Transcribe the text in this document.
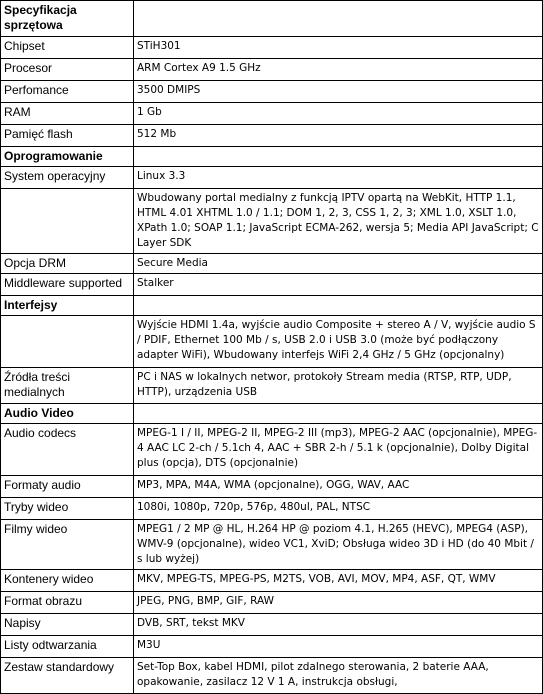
Specyfikacja sprzętowa	
Chipset	STiH301
Procesor	ARM Cortex A9 1.5 GHz
Perfomance	3500 DMIPS
RAM	1 Gb
Pamięć flash	512 Mb
Oprogramowanie	
System operacyjny	Linux 3.3
	Wbudowany portal medialny z funkcją IPTV opartą na WebKit, HTTP 1.1, HTML 4.01 XHTML 1.0 / 1.1; DOM 1, 2, 3, CSS 1, 2, 3; XML 1.0, XSLT 1.0, XPath 1.0; SOAP 1.1; JavaScript ECMA-262, wersja 5; Media API JavaScript; C Layer SDK
Opcja DRM	Secure Media
Middleware supported	Stalker
Interfejsy	
	Wyjście HDMI 1.4a, wyjście audio Composite + stereo A / V, wyjście audio S / PDIF, Ethernet 100 Mb / s, USB 2.0 i USB 3.0 (może być podłączony adapter WiFi), Wbudowany interfejs WiFi 2,4 GHz / 5 GHz (opcjonalny)
Źródła treści medialnych	PC i NAS w lokalnych networ, protokoły Stream media (RTSP, RTP, UDP, HTTP), urządzenia USB
Audio Video	
Audio codecs	MPEG-1 I / II, MPEG-2 II, MPEG-2 III (mp3), MPEG-2 AAC (opcjonalnie), MPEG-4 AAC LC 2-ch / 5.1ch 4, AAC + SBR 2-h / 5.1 k (opcjonalnie), Dolby Digital plus (opcja), DTS (opcjonalnie)
Formaty audio	MP3, MPA, M4A, WMA (opcjonalne), OGG, WAV, AAC
Tryby wideo	1080i, 1080p, 720p, 576p, 480ul, PAL, NTSC
Filmy wideo	MPEG1 / 2 MP @ HL, H.264 HP @ poziom 4.1, H.265 (HEVC), MPEG4 (ASP), WMV-9 (opcjonalne), wideo VC1, XviD; Obsługa wideo 3D i HD (do 40 Mbit / s lub wyżej)
Kontenery wideo	MKV, MPEG-TS, MPEG-PS, M2TS, VOB, AVI, MOV, MP4, ASF, QT, WMV
Format obrazu	JPEG, PNG, BMP, GIF, RAW
Napisy	DVB, SRT, tekst MKV
Listy odtwarzania	M3U
Zestaw standardowy	Set-Top Box, kabel HDMI, pilot zdalnego sterowania, 2 baterie AAA, opakowanie, zasilacz 12 V 1 A, instrukcja obsługi,
